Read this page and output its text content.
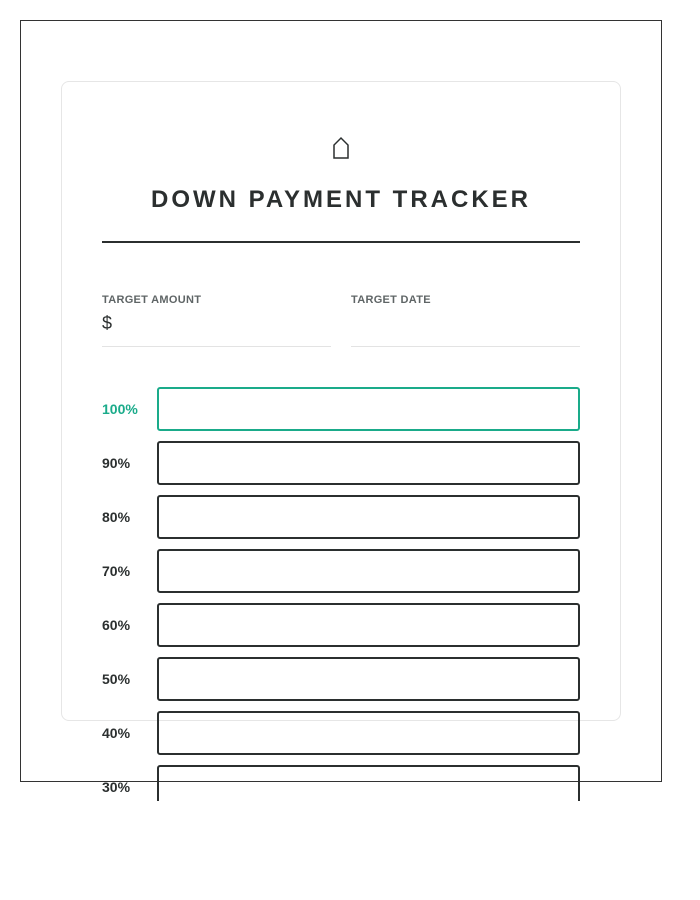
DOWN PAYMENT TRACKER
TARGET AMOUNT
$
TARGET DATE
100%
90%
80%
70%
60%
50%
40%
30%
